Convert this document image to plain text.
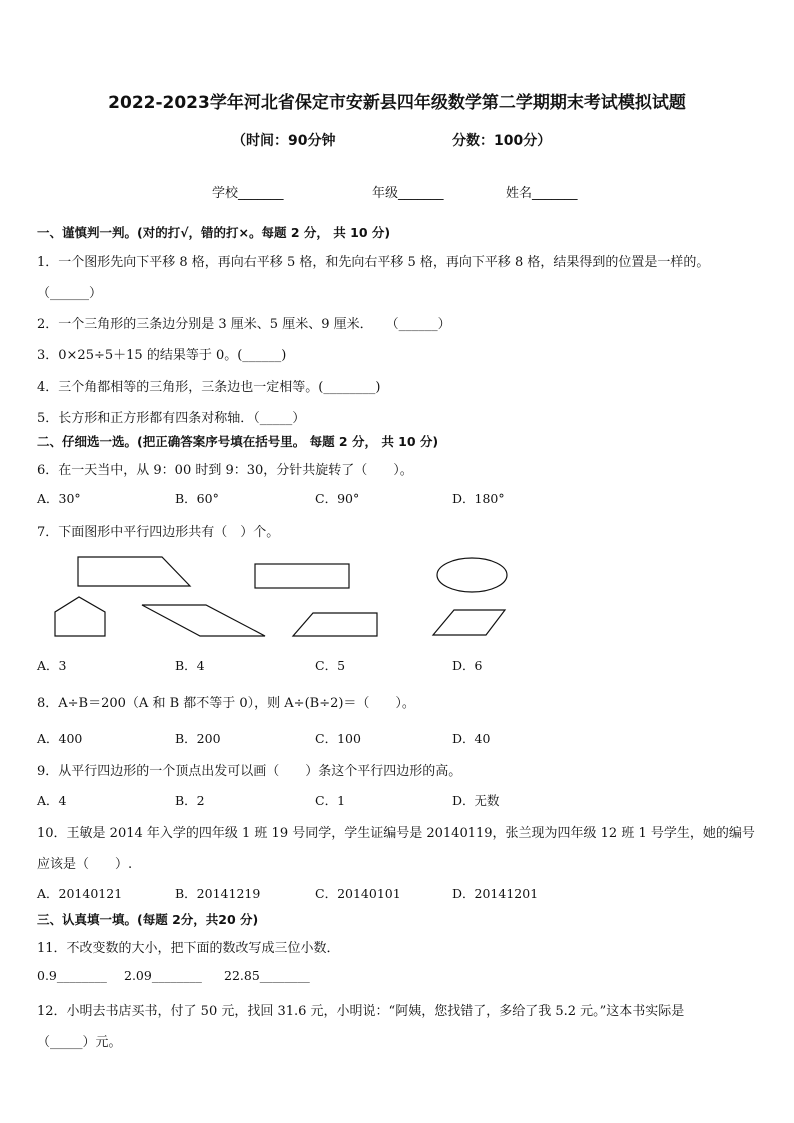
2022-2023学年河北省保定市安新县四年级数学第二学期期末考试模拟试题
（时间：90分钟	分数：100分）
学校_______	年级_______	姓名_______
一、谨慎判一判。(对的打√，错的打×。每题 2 分， 共 10 分)
1．一个图形先向下平移 8 格，再向右平移 5 格，和先向右平移 5 格，再向下平移 8 格，结果得到的位置是一样的。
（______）
2．一个三角形的三条边分别是 3 厘米、5 厘米、9 厘米．　　（______）
3．0×25÷5＋15 的结果等于 0。(______)
4．三个角都相等的三角形，三条边也一定相等。(________)
5．长方形和正方形都有四条对称轴．（_____）
二、仔细选一选。(把正确答案序号填在括号里。 每题 2 分， 共 10 分)
6．在一天当中，从 9：00 时到 9：30，分针共旋转了（　　）。
A．30°	B．60°	C．90°	D．180°
7．下面图形中平行四边形共有（　）个。
A．3	B．4	C．5	D．6
8．A÷B＝200（A 和 B 都不等于 0），则 A÷(B÷2)＝（　　）。
A．400	B．200	C．100	D．40
9．从平行四边形的一个顶点出发可以画（　　）条这个平行四边形的高。
A．4	B．2	C．1	D．无数
10．王敏是 2014 年入学的四年级 1 班 19 号同学，学生证编号是 20140119，张兰现为四年级 12 班 1 号学生，她的编号
应该是（　　）.
A．20140121	B．20141219	C．20140101	D．20141201
三、认真填一填。(每题 2分，共20 分)
11．不改变数的大小，把下面的数改写成三位小数．
0.9________ 2.09________ 22.85________
12．小明去书店买书，付了 50 元，找回 31.6 元，小明说：“阿姨，您找错了，多给了我 5.2 元。”这本书实际是
（_____）元。
